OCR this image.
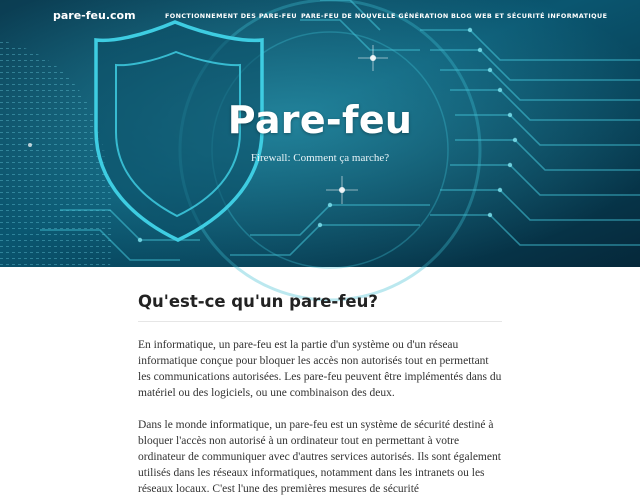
pare-feu.com	FONCTIONNEMENT DES PARE-FEU PARE-FEU DE NOUVELLE GÉNÉRATION BLOG WEB ET SÉCURITÉ INFORMATIQUE
Pare-feu

Firewall: Comment ça marche?

Qu'est-ce qu'un pare-feu?

En informatique, un pare-feu est la partie d'un système ou d'un réseau informatique conçue pour bloquer les accès non autorisés tout en permettant les communications autorisées. Les pare-feu peuvent être implémentés dans du matériel ou des logiciels, ou une combinaison des deux.

Dans le monde informatique, un pare-feu est un système de sécurité destiné à bloquer l'accès non autorisé à un ordinateur tout en permettant à votre ordinateur de communiquer avec d'autres services autorisés. Ils sont également utilisés dans les réseaux informatiques, notamment dans les intranets ou les réseaux locaux. C'est l'une des premières mesures de sécurité
